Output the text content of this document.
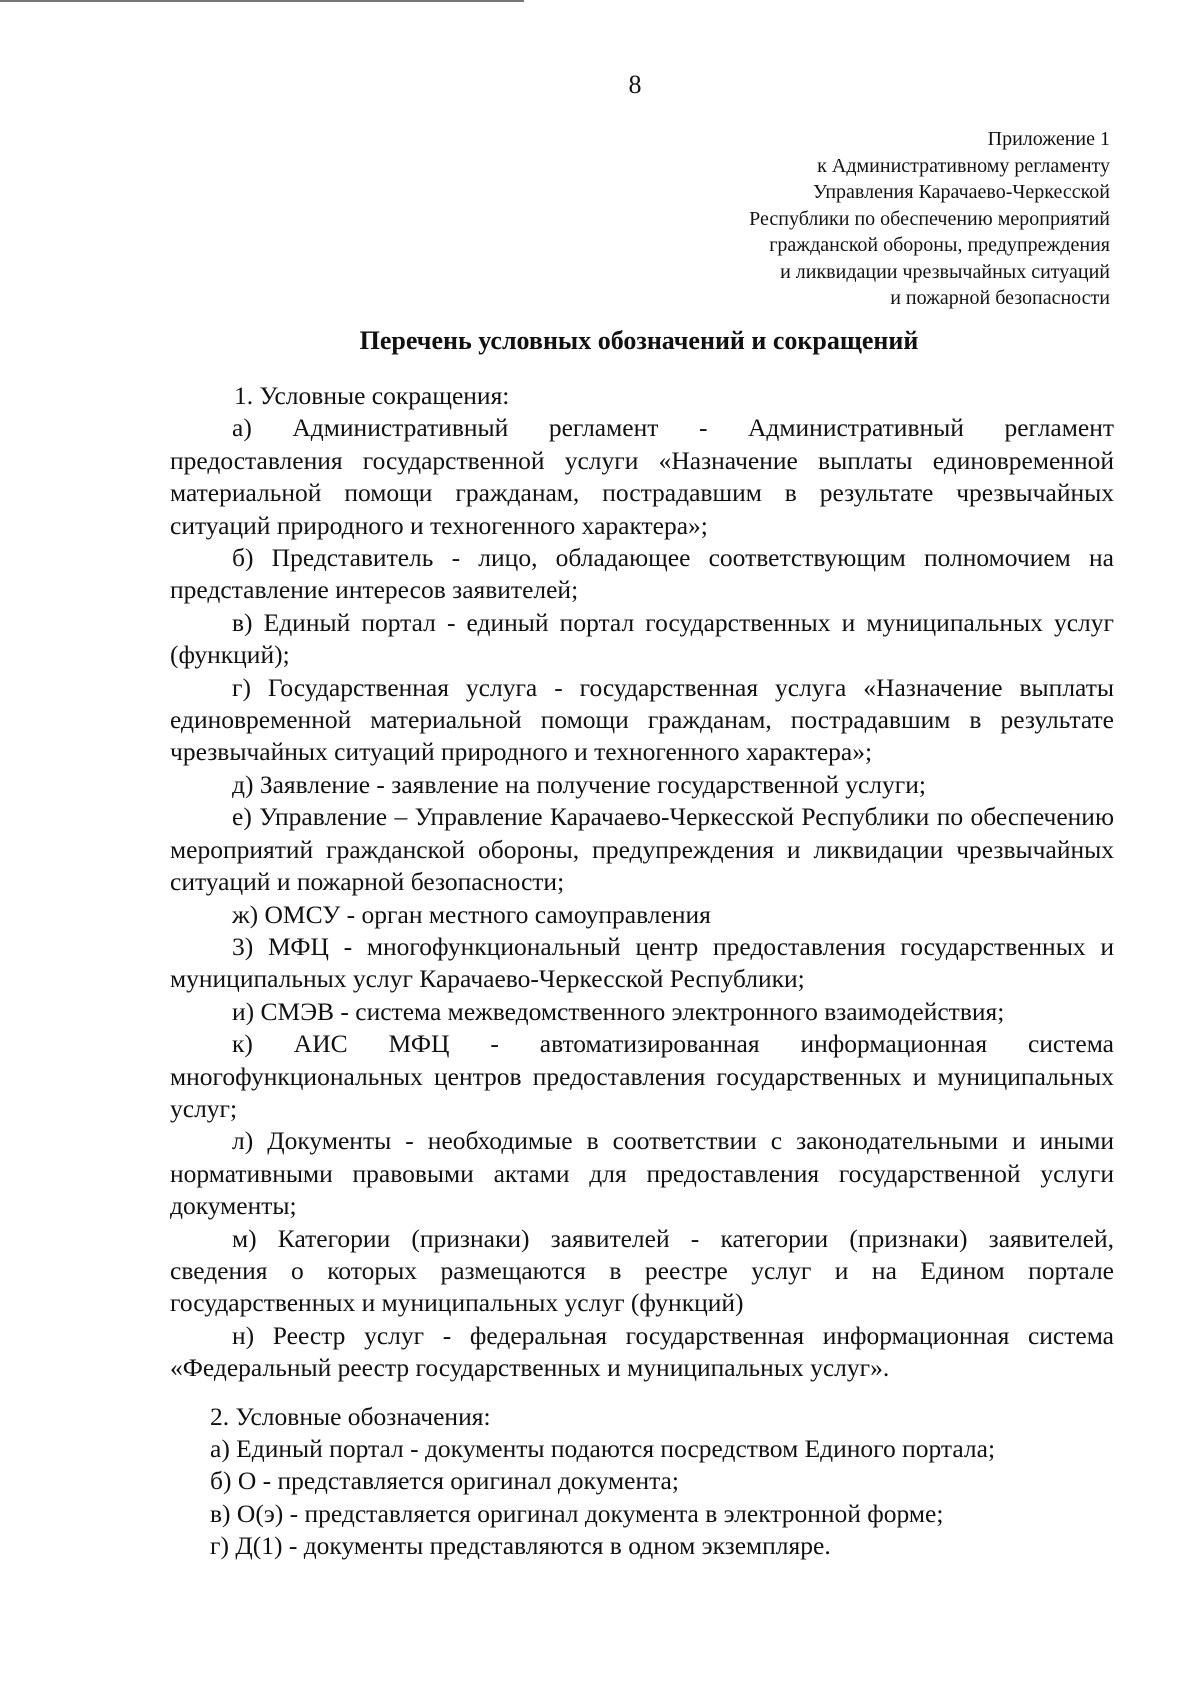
8
Приложение 1
к Административному регламенту
Управления Карачаево-Черкесской
Республики по обеспечению мероприятий
гражданской обороны, предупреждения
и ликвидации чрезвычайных ситуаций
и пожарной безопасности
Перечень условных обозначений и сокращений

1. Условные сокращения:

а) Административный регламент - Административный регламент предоставления государственной услуги «Назначение выплаты единовременной материальной помощи гражданам, пострадавшим в результате чрезвычайных ситуаций природного и техногенного характера»;

б) Представитель - лицо, обладающее соответствующим полномочием на представление интересов заявителей;

в) Единый портал - единый портал государственных и муниципальных услуг (функций);

г) Государственная услуга - государственная услуга «Назначение выплаты единовременной материальной помощи гражданам, пострадавшим в результате чрезвычайных ситуаций природного и техногенного характера»;

д) Заявление - заявление на получение государственной услуги;

е) Управление – Управление Карачаево-Черкесской Республики по обеспечению мероприятий гражданской обороны, предупреждения и ликвидации чрезвычайных ситуаций и пожарной безопасности;

ж) ОМСУ - орган местного самоуправления

3) МФЦ - многофункциональный центр предоставления государственных и муниципальных услуг Карачаево-Черкесской Республики;

и) СМЭВ - система межведомственного электронного взаимодействия;

к) АИС МФЦ - автоматизированная информационная система многофункциональных центров предоставления государственных и муниципальных услуг;

л) Документы - необходимые в соответствии с законодательными и иными нормативными правовыми актами для предоставления государственной услуги документы;

м) Категории (признаки) заявителей - категории (признаки) заявителей, сведения о которых размещаются в реестре услуг и на Едином портале государственных и муниципальных услуг (функций)

н) Реестр услуг - федеральная государственная информационная система «Федеральный реестр государственных и муниципальных услуг».

2. Условные обозначения:

а) Единый портал - документы подаются посредством Единого портала;

б) О - представляется оригинал документа;

в) О(э) - представляется оригинал документа в электронной форме;

г) Д(1) - документы представляются в одном экземпляре.
